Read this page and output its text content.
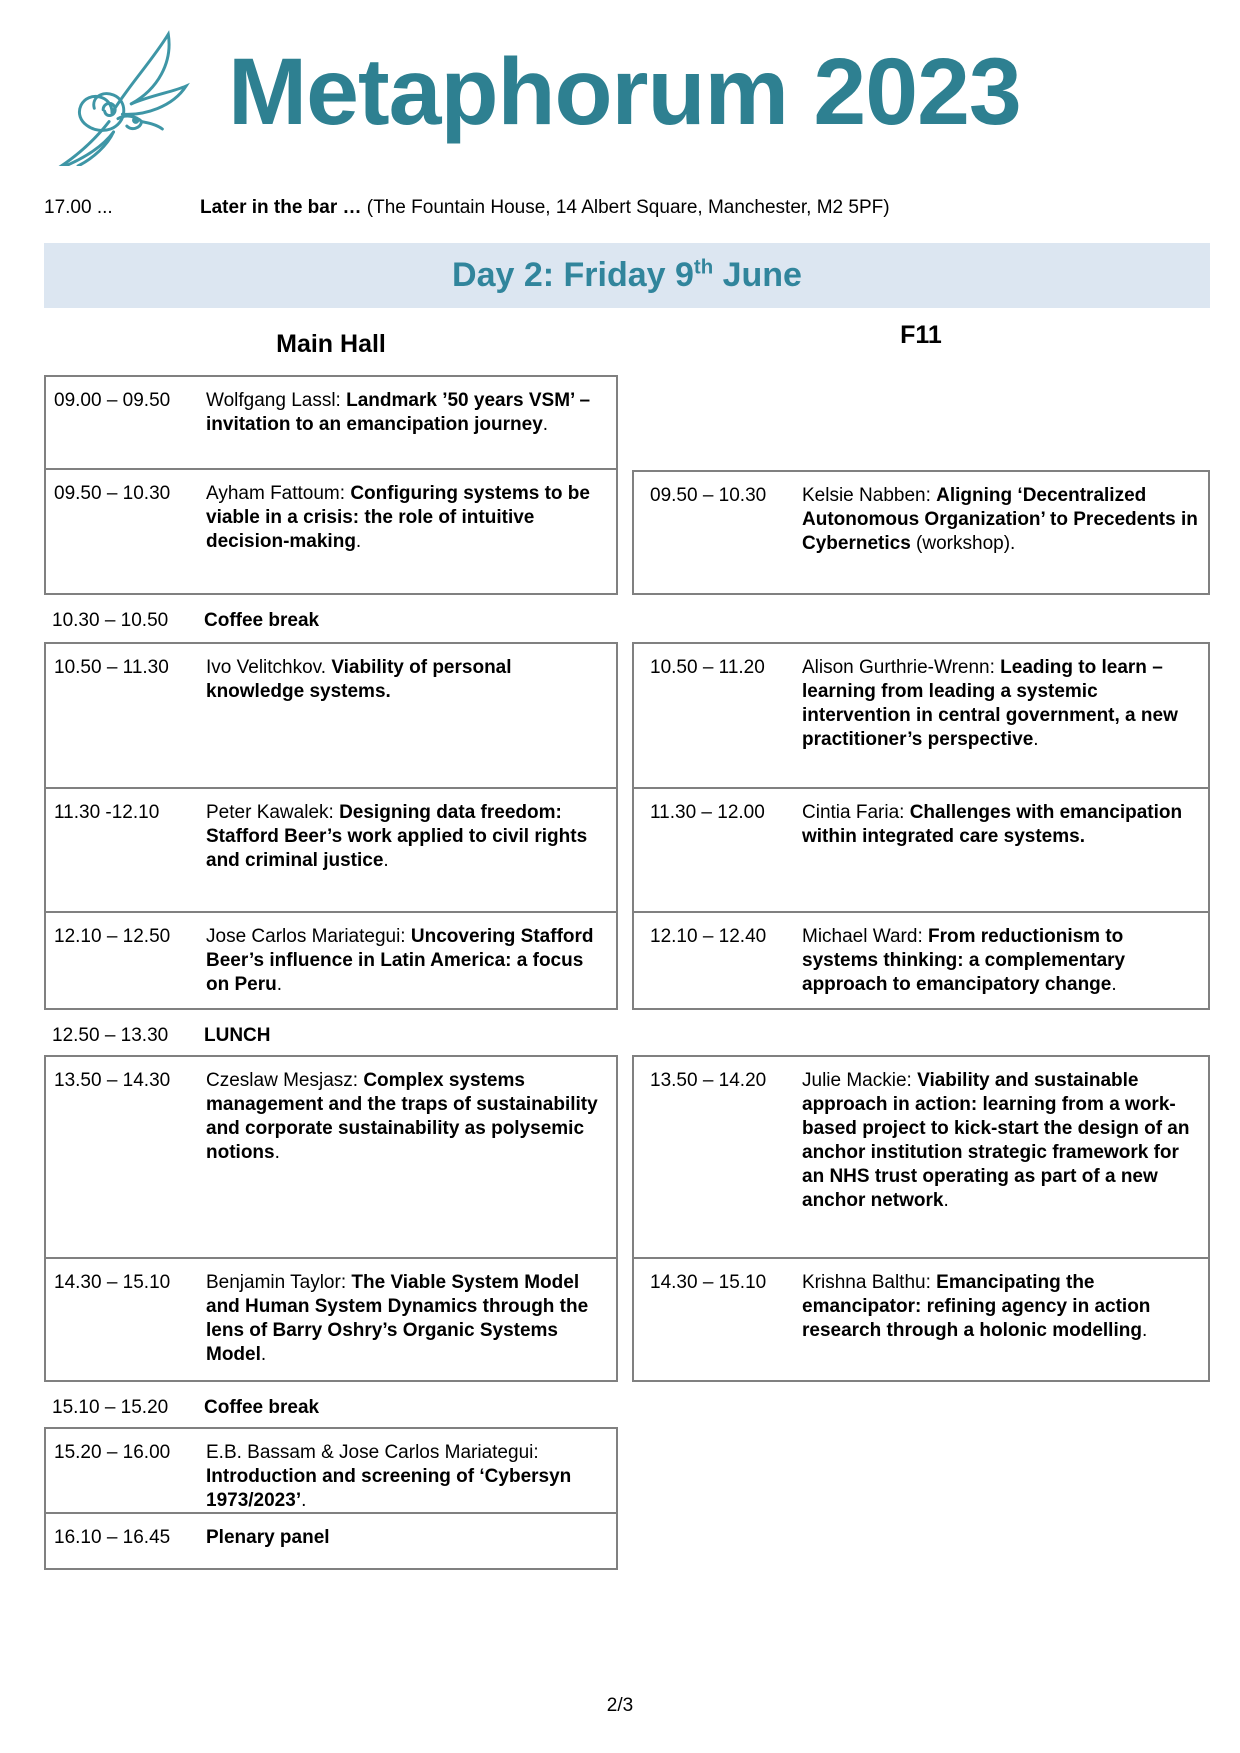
Metaphorum 2023
17.00 ...	Later in the bar … (The Fountain House, 14 Albert Square, Manchester, M2 5PF)
Day 2: Friday 9th June
Main Hall	F11
09.00 – 09.50	Wolfgang Lassl: Landmark ’50 years VSM’ – invitation to an emancipation journey.
09.50 – 10.30	Ayham Fattoum: Configuring systems to be viable in a crisis: the role of intuitive decision-making.
10.30 – 10.50	Coffee break
10.50 – 11.30	Ivo Velitchkov. Viability of personal knowledge systems.
11.30 -12.10	Peter Kawalek: Designing data freedom: Stafford Beer’s work applied to civil rights and criminal justice.
12.10 – 12.50	Jose Carlos Mariategui: Uncovering Stafford Beer’s influence in Latin America: a focus on Peru.
12.50 – 13.30	LUNCH
13.50 – 14.30	Czeslaw Mesjasz: Complex systems management and the traps of sustainability and corporate sustainability as polysemic notions.
14.30 – 15.10	Benjamin Taylor: The Viable System Model and Human System Dynamics through the lens of Barry Oshry’s Organic Systems Model.
15.10 – 15.20	Coffee break
15.20 – 16.00	E.B. Bassam & Jose Carlos Mariategui: Introduction and screening of ‘Cybersyn 1973/2023’.
16.10 – 16.45	Plenary panel
09.50 – 10.30	Kelsie Nabben: Aligning ‘Decentralized Autonomous Organization’ to Precedents in Cybernetics (workshop).
10.50 – 11.20	Alison Gurthrie-Wrenn: Leading to learn – learning from leading a systemic intervention in central government, a new practitioner’s perspective.
11.30 – 12.00	Cintia Faria: Challenges with emancipation within integrated care systems.
12.10 – 12.40	Michael Ward: From reductionism to systems thinking: a complementary approach to emancipatory change.
13.50 – 14.20	Julie Mackie: Viability and sustainable approach in action: learning from a work-based project to kick-start the design of an anchor institution strategic framework for an NHS trust operating as part of a new anchor network.
14.30 – 15.10	Krishna Balthu: Emancipating the emancipator: refining agency in action research through a holonic modelling.
2/3
